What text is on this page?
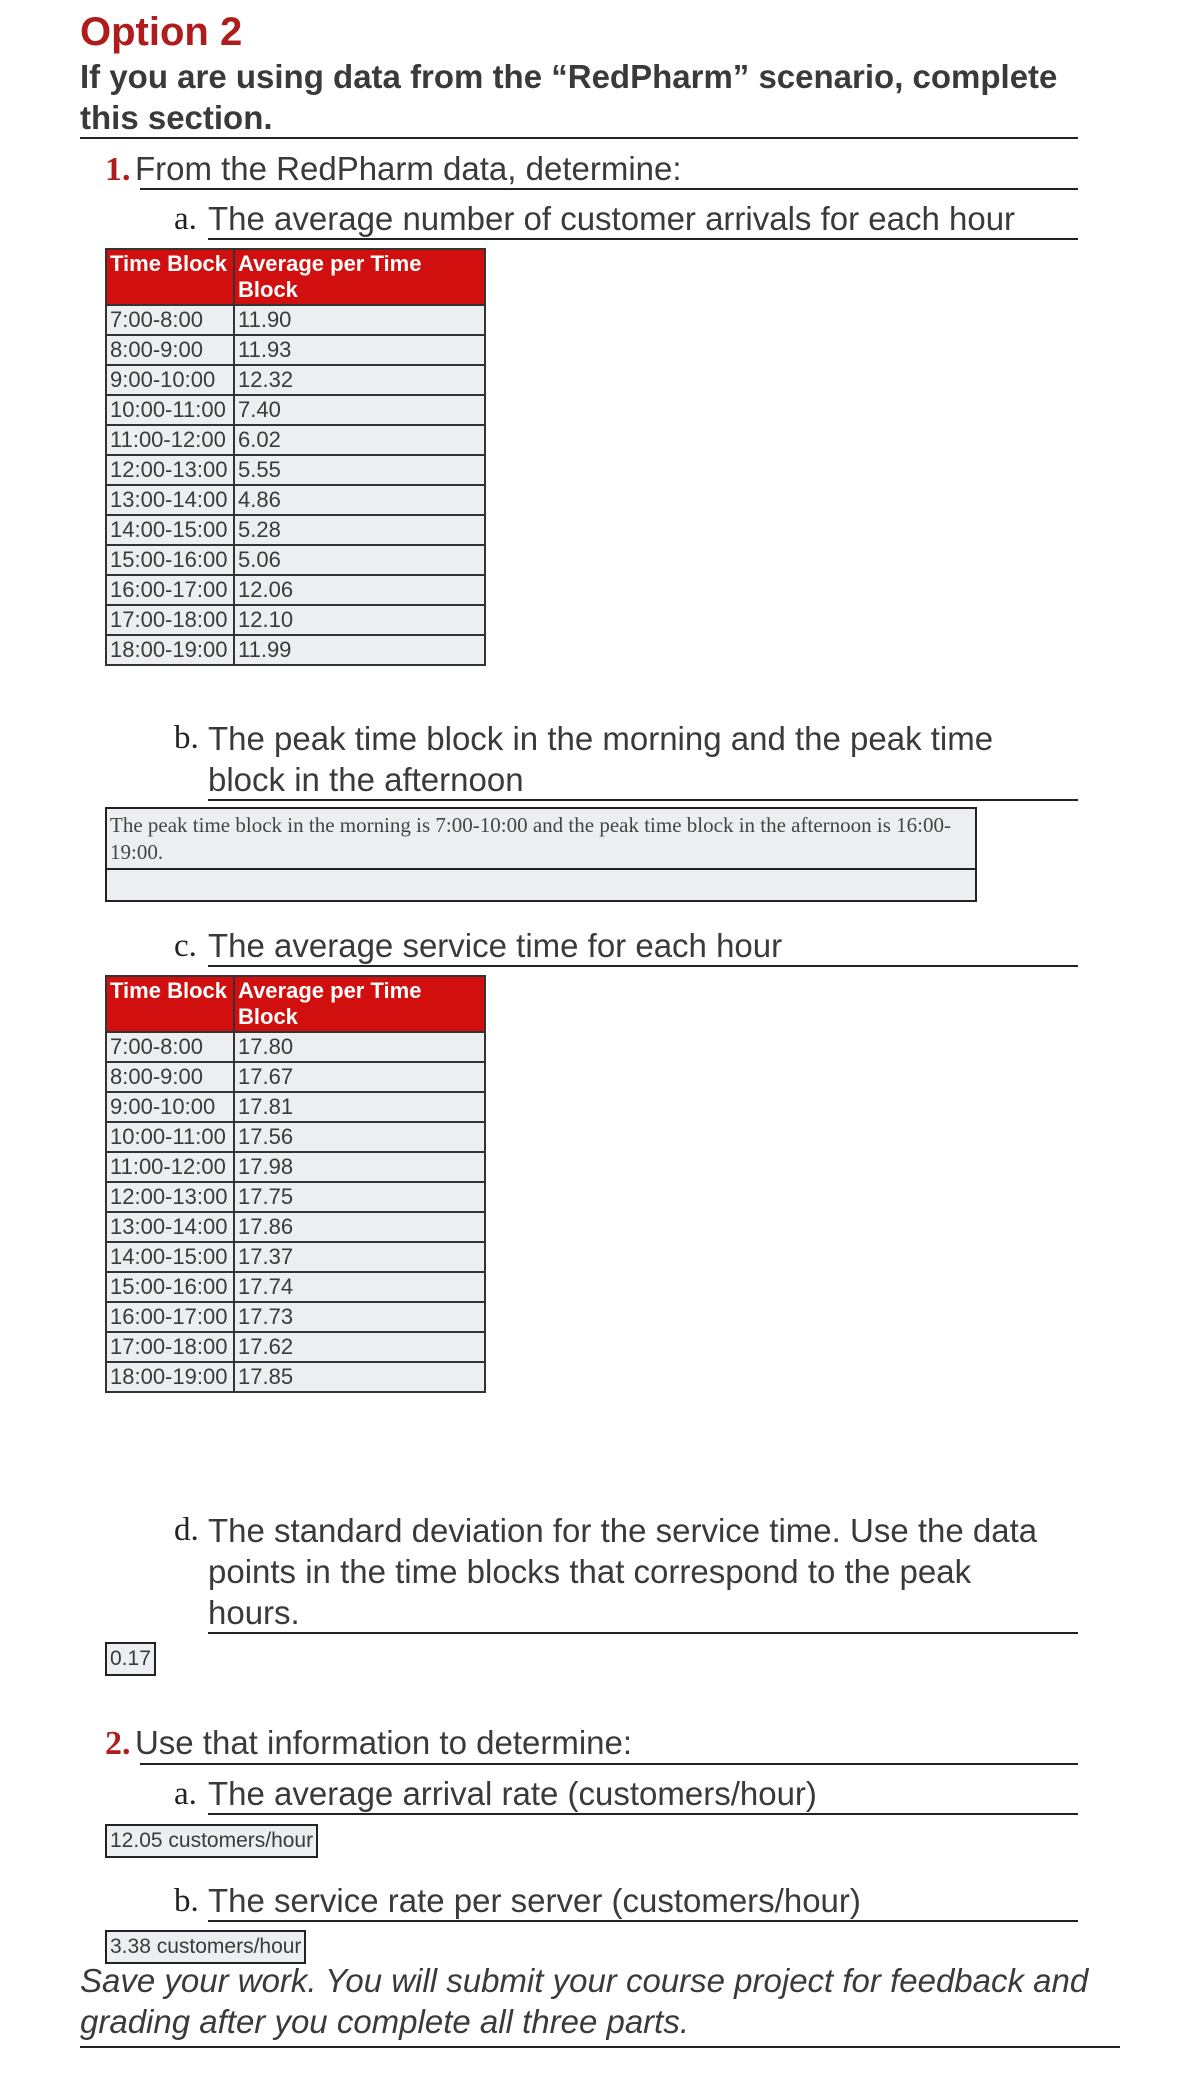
Option 2
If you are using data from the “RedPharm” scenario, complete this section.
1. From the RedPharm data, determine:
a. The average number of customer arrivals for each hour
Time Block	Average per Time Block
7:00-8:00	11.90
8:00-9:00	11.93
9:00-10:00	12.32
10:00-11:00	7.40
11:00-12:00	6.02
12:00-13:00	5.55
13:00-14:00	4.86
14:00-15:00	5.28
15:00-16:00	5.06
16:00-17:00	12.06
17:00-18:00	12.10
18:00-19:00	11.99
b. The peak time block in the morning and the peak time block in the afternoon
The peak time block in the morning is 7:00-10:00 and the peak time block in the afternoon is 16:00-19:00.
c. The average service time for each hour
Time Block	Average per Time Block
7:00-8:00	17.80
8:00-9:00	17.67
9:00-10:00	17.81
10:00-11:00	17.56
11:00-12:00	17.98
12:00-13:00	17.75
13:00-14:00	17.86
14:00-15:00	17.37
15:00-16:00	17.74
16:00-17:00	17.73
17:00-18:00	17.62
18:00-19:00	17.85
d. The standard deviation for the service time. Use the data points in the time blocks that correspond to the peak hours.
0.17
2. Use that information to determine:
a. The average arrival rate (customers/hour)
12.05 customers/hour
b. The service rate per server (customers/hour)
3.38 customers/hour
Save your work. You will submit your course project for feedback and grading after you complete all three parts.
